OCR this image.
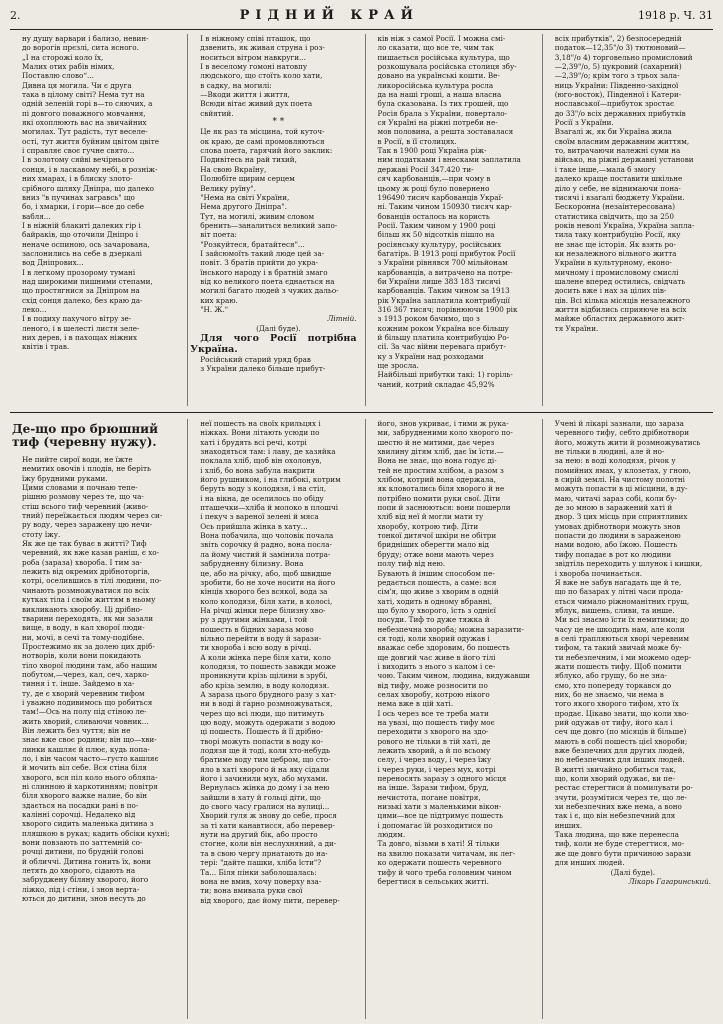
2.	РІДНИЙ КРАЙ	1918 р. Ч. 31

ну душу варвари і бализо, невин-

до ворогів прєзлі, сита ясного.

„І на сторожі коло їх,

Малих отих рабів німих,

Поставлю слово“...

Дивна ця могила. Чи є друга

така в цілому світі? Нема тут на

одній зеленій горі в—то сяючих, а

пі довгого поважного мовчання,

які охоплюють вас на звичайних

могилах. Тут радість, тут веселе-

ості, тут життя буйним цвітом цвіте

і справляє своє гучне свято...

І в золотому сяйві вечірнього

сонця, і в ласкавому небі, в розніж-

них хмарах, і в блиску злото-

срібного шляху Дніпра, що далеко

вниз "в пучинах загравсь" що

бо, і хмарки, і гори—все до себе

вабля...

І в ніжній блакиті далеких гір і

байраків, що оточили Дніпро і

неначе оспиною, ось зачарована,

заслонились на себе в дзеркалі

вод Дніпрових...

І в легкому прозорому тумані

над широкими пишними степами,

що простягнися за Дніпром на

схід сонця далеко, без краю да-

леко...

І в подиху пахучого вітру зе-

леного, і в шелесті листя зеле-

них дерев, і в пахощах ніжних

квітів і трав.

І в ніжному співі пташок, що

дзвенить, як живая струна і роз-

носиться вітром навкруги...

І в веселому гомоні натовпу

людського, що стоїть коло хати,

в садку, на могилі:

—Вкоди життя і життя,

Всюди вітає живий дух поета

свйятий.

* *

Це як раз та місцина, той куточ-

ок краю, де самі промовляються

слова поета, гарячий його заклик:

Подивітесь на рай тихий,

На свою Вкраїну,

Полюбіте щирим серцем

Велику руїну".

"Нема на світі України,

Нема другого Дніпра".

Тут, на могилі, живим словом

бренить—заналиться великий запо-

віт поета:

"Розкуйтеся, братайтеся"...

І зайсюмоїть такий люде цей за-

повіт. З братів прийти до укра-

їнського народу і в братній змаго

від ко великого поета єднається на

могилі багато людей з чужих дальо-

ких краю.

"Н. Ж."

Літній.

(Далі буде).

Для чого Росії потрібна Україна.

Російський старий уряд брав

з України далеко більше прибут-

ків ніж з самої Росії. І можна смі-

ло сказати, що все те, чим так

пишається російська культура, що

розкошувала російська столиця збу-

довано на українські кошти. Ве-

ликоросійська культура росла

да на наші гроші, а наша власна

була сказована. Із тих грошей, що

Росія брала з України, повертало-

ся Україні на ріжні потреби не-

мов половина, а решта зоставалася

в Росії, в її столицях.

Так в 1900 році Україна ріж-

ним податками і внесками заплатила

державі Росії 347.420 ти-

сяч карбованців,—при чому в

цьому ж році було повернено

196490 тисяч карбованців Украї-

ні. Таким чином 150930 тисяч кар-

бованців осталось на користь

Росії. Таким чином у 1900 році

більш як 50 відсотків пішло на

росіянську культуру, російських

багатірь. В 1913 році прибуток Росії

з України рівнявся 700 мільйонам

карбованців, а витрачено на потре-

би України лише 383 183 тисячі

карбованців. Таким чином за 1913

рік Україна заплатила контрибуції

316 367 тисяч; порівнюючи 1900 рік

з 1913 роком бачимо, що з

кожним роком Україна все більшу

й більшу платила контрибуцію Ро-

сії. За час війни перевага прибут-

ку з України над розходами

ще зросла.

Найбільші прибутки такі: 1) горіль-

чаний, котрий складає 45,92%

всіх прибутків", 2) безпосередній

податок—12,35"/o 3) тютюновий—

3,18"/o 4) торговельно промисловий

—2,39"/o, 5) цукровий (сахарний)

—2,39"/o; крім того з трьох зала-

ниць України: Південно-західної

(юго-восток), Південної і Катери-

нославської—прибуток зростає

до 33"/o всіх державних прибутків

Росії з України.

Взагалі ж, як би Україна жила

своїм власним державним життям,

то, витрачаючи належні суми на

військо, на ріжні державні установи

і таке інше,—мала б змогу

далеко краще поставити шкільне

діло у себе, не віднимаючи пона-

тисячі і взагалі бюджету України.

Бескоронна (незаінтересована)

статистика свідчить, що за 250

років неволі Україна, Україна запла-

тила таку контрибуцію Росії, яку

не знає ще історія. Як взять ро-

ки незалежного вільного житта

України в культурному, еконо-

мичному і промисловому смислі

шалене вперед остились, свідчать

досить вже і нах за цілих пів-

ців. Всі кілька місяців незалежного

життя відбились сприяюче на всіх

майже областях державного жит-

тя України.

Де-що про брюшний тиф (черевну нужу).

Не пийте сирої води, не їжте

немитих овочів і плодів, не беріть

їжу брудними руками.

Цими словами я почнаю тепе-

рішню розмову через те, що ча-

стіш всього тиф черевний (живо-

тний) переїжається людям через си-

ру воду, через заражену цю нечи-

стоту їжу.

Як же це так буває в житті? Тиф

черевний, як вже казав раніш, є хо-

роба (зараза) хвороба. І тим за-

лежить від окремих дрібноторгів,

котрі, оселившись в тілі людини, по-

чинають розмножуватися по всіх

кутках тіла і своїм життям в ньому

викликають хворобу. Ці дрібно-

тварини переходять, як ми зазали

вище, в воду, в кал хворої люди-

ни, мочі, в сечі та тому-подібне.

Простежимо як за долею цих дріб-

нотворів, коли вони покидають

тіло хворої людини там, або нашим

побутом,—через, кал, сеч, харко-

тиння і т. інше. Зайдемо в ха-

ту, де є хворий черевним тифом

і уважно подивимось що робиться

там!—Ось на полу під стіною ле-

жить хворий, сливаючи човник...

Він лежить без чуття; він не

знає вже своє родини; він що—хви-

линки кашляє й плює, кудь попа-

ло, і він часом часто—густо кашляє

й мочить віл себе. Вся стіна біля

хворого, вся піл коло нього обляпа-

ні слинною й харкотинням; повітря

біля хворого важке налие, бо він

здається на посадки рані в по-

калінні сорочці. Недалеко від

хворого сидить маленька дитина з

пляшкою в руках; кадить обсіки кухні;

вони повзають по заттемній со-

рочці дитини, по брудній голові

й обличчі. Дитина гонить їх, вони

летять до хворого, сідають на

забруджену біляну хворого, його

ліжко, під і стіни, і знов верта-

ються до дитини, знов несуть до

неї пошесть на своїх крильцях і

ніжках. Вони літають усюди по

хаті і брудять всі речі, котрі

знаходяться там: і лаву, де хазяйка

поклала хліб, щоб він охолонув,

і хліб, бо вона забула накрити

його рушником, і на глибокі, котрим

беруть воду з колодязя, і на стіл,

і на вікна, де оселилось по обіду

пташечки—хліба й молоко в плошчі

і пекуч з вареної зелені й мяса

Ось прийшла жінка в хату...

Вона побачила, що чоловік почала

звіть сорочку й радно, вона посла-

ла йому чистий й замінила потра-

забрудненну білизну. Вона

це, або на річку, або, щоб швидше

зробити, бо не хоче носити на його

кінців хворого без всякої, вода за

коло колодязя, біля хати, в колосі,

На річці жінки пере білизну хво-

ру з другими жінками, і той

пошесть в бідних зараза мово

вільно перейти в воду й зарази-

ти хвороба і всю воду в річці.

А коли жінка пере біля хати, коло

колодязя, то пошесть завжди може

проникнути крізь щілини в зрубі,

або крізь землю, в воду колодязя.

А зараза цього брудного разу з хат-

ни в воді й гарно розмножуваться,

через що всі люди, що питимуть

цю воду, можуть одержати з водою

ці пошесть. Пошесть й її дрібно-

творі можуть попасти в воду ко-

лодязя ще й тоді, коли хто-небудь

братиме воду тим цебром, що сто-

яло в хаті хворого й на яку сідали

його і зачинили мух, або мухами.

Вернулась жінка до дому і за нею

зайшли в хату й гольці діти, що

до свого часу гралися на вулиці...

Хворий гуля ж знову до себе, прося

за ті хати канавтисся, або перевер-

нути на другий бік, або просто

стогне, коли він неслухняний, а ди-

та в свою чергу прнатають до на-

тері: "дайте пашки, хліба їсти"?

Та... Біля пінки заболошалась:

вона не вмив, хочу поверху вза-

ти; вона вмивала руки свої

від хворого, дає йому пити, перевер-

його, знов укриває, і тими ж рука-

ми, забрудненими коло хворого по-

шестю й не митими, дає через

хвилину дітям хліб, дає їм їсти.—

Вона не знає, що вона годує ді-

тей не простим хлібом, а разом з

хлібом, котрий вона одержала,

як кловотались біля хворого й не

потрібно помити руки свої. Діти

попи й заснюються: вони пошерли

хліб від неї й могли мати ту

хворобу, котрою тиф. Діти

тонкої дитячої шкіри не обітри

бридніших оберегти мало від

бруду; отже вони мають через

полу тиф від нею.

Бувають й іншим способом пе-

редається пошесть, а саме: вся

сім'я, що живе з хворим в одній

хаті, ходить в одному вбранні,

що було у хворого, їсть з однієї

посуди. Тиф то дуже тяжка й

небезпечна хвороба; можна заразити-

ся тоді, коли хворий одужав і

вважає себе здоровим, бо пошесть

ще довгий час живе в його тілі

і виходить з нього з калом і се-

чою. Таким чином, людина, видужавши

від тифу, може розносити по

селах хворобу, котрою нікого

нема вже в цій хаті.

І ось через все те треба мати

на увазі, що пошесть тифу моє

переходити з хворого на здо-

рового не тільки в тій хаті, де

лежить хворий, а й по всьому

селу, і через воду, і через їжу

і через руки, і через мух, котрі

переносять заразу з одного місця

на інше. Зарази тифом, бруд,

нечистота, погане повітря,

низькі хати з маленькими вікон-

цями—все це підтримує пошесть

і допомагає їй розходитися по

людям.

Та довго, візьми в хаті! Я тільки

на хвилю показати читачам, як лег-

ко одержати пошесть черевного

тифу й чого треба головним чином

берегтися в сельських житті.

Учені й лікарі зазнали, що зараза

черевного тифу, себто дрібнотвори

його, можуть жити й розмножуватись

не тільки в людині, але й но-

за нею: в воді колодязя, річок у

помийних ямах, у клозетах, у гною,

в сирій землі. На чистому полотні

можуть попасти в ці місцини, в ду-

маю, читачі зараз собі, коли бу-

де зо мною в заражений хаті й

двор. З цих місць при сприятливих

умовах дрібнотвори можуть знов

попасти до людини в зараженою

нами водою, або їжою. Пошесть

тифу попадає в рот ко людини

звідтіль переходить у шлунок і кишки,

і хвороба починається.

Я вже не забув нагадать ще й те,

що по базарах у літні часи прода-

ється чимало рiжноманітних груш,

яблук, вишень, сливи, та инше.

Ми всі знаємо їсти їх немитими; до

часу це не шкодить нам, але коли

в селі трапляються хворі черевним

тифом, та такий звичай може бу-

ти небезпечним, і ми можемо одер-

жати пошесть тифу. Щоб помити

яблуко, або грушу, бо не зна-

ємо, хто попереду торкався до

них, бо не знаємо, чи нема в

того якого хворого тифом, хто їх

продає. Цікаво знати, що коли хво-

рий одужав от тифу, його кал і

сеч ще довго (по місяців й більше)

мають в собі пошесть цієї хвороби;

вже безпечних для других людей,

но небезпечних для інших людей.

В житті звичайно робиться так,

що, коли хворий одужає, ви пе-

рестає стерегтися й помилувати ро-

зчути, розумітися через те, що ле-

хи небезпечних вже нема, а воно

так і є, що він небезпечний для

инших.

Така людина, що вже перенесла

тиф, коли не буде стерегтися, мо-

же ще довго бути причиною зарази

для инших людей.

(Далі буде).

Лікарь Гагаринський.
